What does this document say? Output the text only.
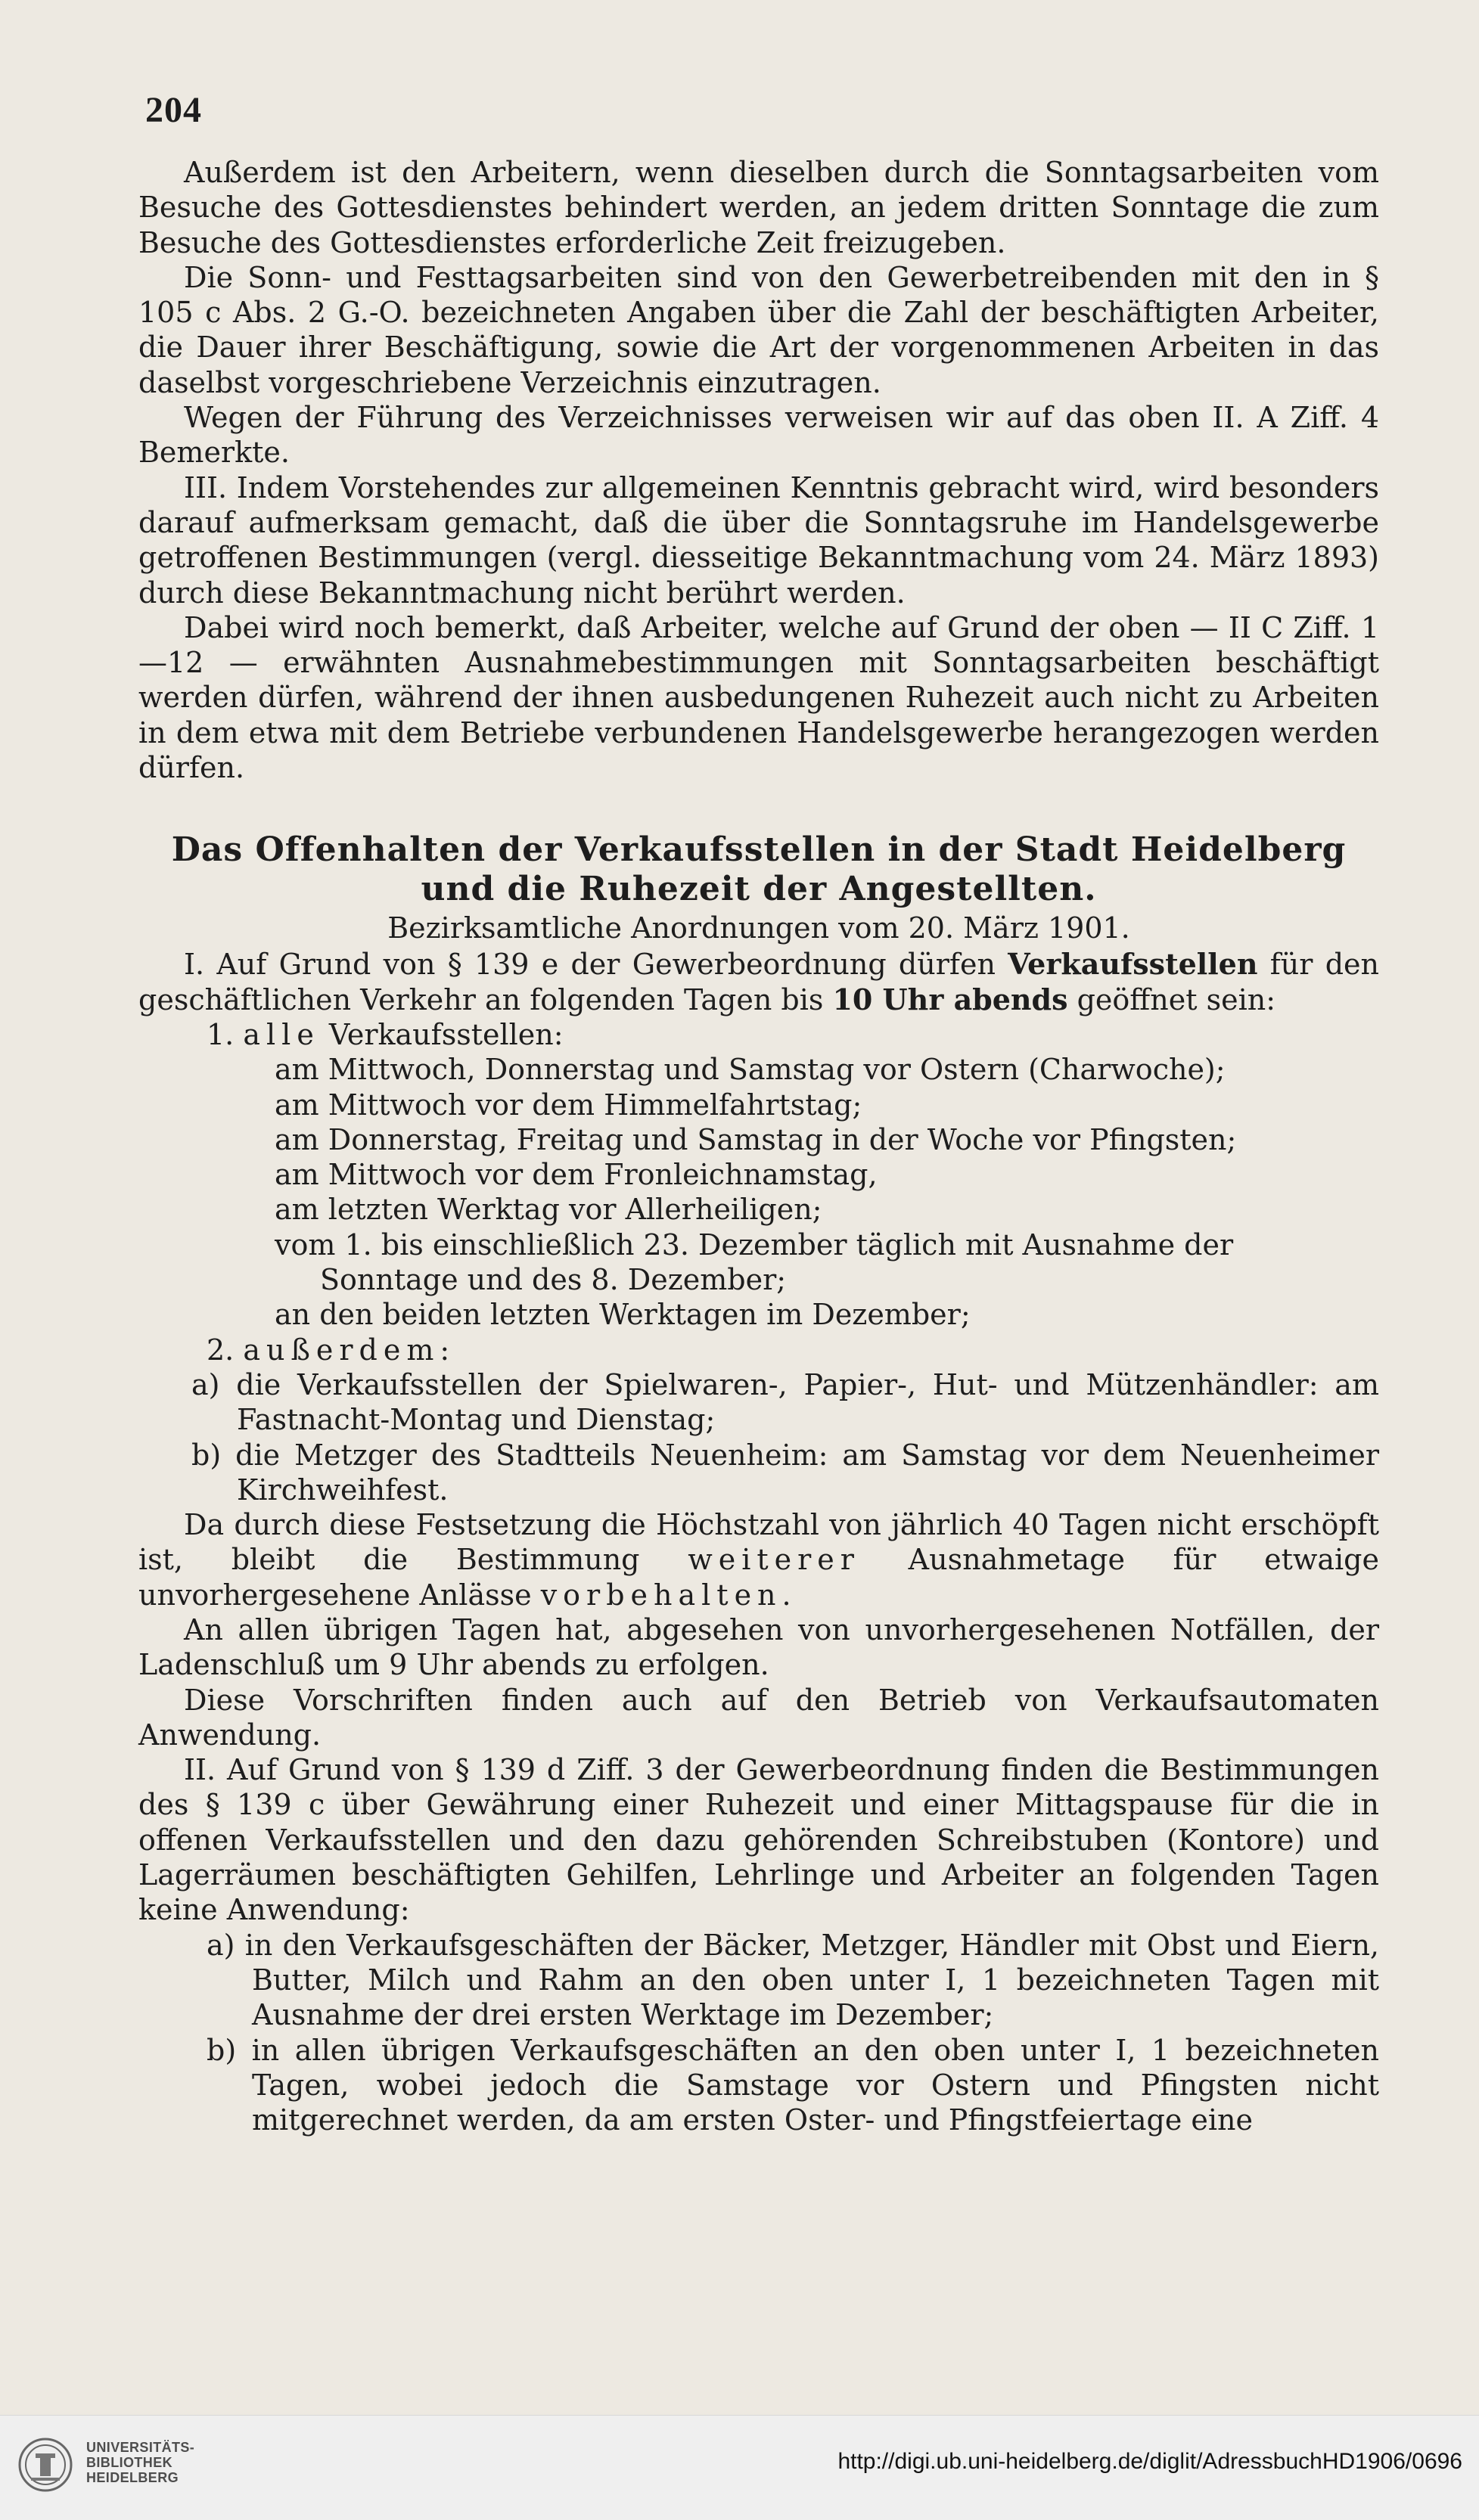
204

Außerdem ist den Arbeitern, wenn dieselben durch die Sonntagsarbeiten vom Besuche des Gottesdienstes behindert werden, an jedem dritten Sonntage die zum Besuche des Gottesdienstes erforderliche Zeit freizugeben.

Die Sonn- und Festtagsarbeiten sind von den Gewerbetreibenden mit den in § 105 c Abs. 2 G.-O. bezeichneten Angaben über die Zahl der beschäftigten Arbeiter, die Dauer ihrer Beschäftigung, sowie die Art der vorgenommenen Arbeiten in das daselbst vorgeschriebene Verzeichnis einzutragen.

Wegen der Führung des Verzeichnisses verweisen wir auf das oben II. A Ziff. 4 Bemerkte.

III. Indem Vorstehendes zur allgemeinen Kenntnis gebracht wird, wird besonders darauf aufmerksam gemacht, daß die über die Sonntagsruhe im Handelsgewerbe getroffenen Bestimmungen (vergl. diesseitige Bekanntmachung vom 24. März 1893) durch diese Bekanntmachung nicht berührt werden.

Dabei wird noch bemerkt, daß Arbeiter, welche auf Grund der oben — II C Ziff. 1—12 — erwähnten Ausnahmebestimmungen mit Sonntagsarbeiten beschäftigt werden dürfen, während der ihnen ausbedungenen Ruhezeit auch nicht zu Arbeiten in dem etwa mit dem Betriebe verbundenen Handelsgewerbe herangezogen werden dürfen.

Das Offenhalten der Verkaufsstellen in der Stadt Heidelberg

und die Ruhezeit der Angestellten.

Bezirksamtliche Anordnungen vom 20. März 1901.

I. Auf Grund von § 139 e der Gewerbeordnung dürfen Verkaufsstellen für den geschäftlichen Verkehr an folgenden Tagen bis 10 Uhr abends geöffnet sein:

1. alle Verkaufsstellen:

am Mittwoch, Donnerstag und Samstag vor Ostern (Charwoche);

am Mittwoch vor dem Himmelfahrtstag;

am Donnerstag, Freitag und Samstag in der Woche vor Pfingsten;

am Mittwoch vor dem Fronleichnamstag,

am letzten Werktag vor Allerheiligen;

vom 1. bis einschließlich 23. Dezember täglich mit Ausnahme der

Sonntage und des 8. Dezember;

an den beiden letzten Werktagen im Dezember;

2. außerdem:

a) die Verkaufsstellen der Spielwaren-, Papier-, Hut- und Mützenhändler: am Fastnacht-Montag und Dienstag;

b) die Metzger des Stadtteils Neuenheim: am Samstag vor dem Neuenheimer Kirchweihfest.

Da durch diese Festsetzung die Höchstzahl von jährlich 40 Tagen nicht erschöpft ist, bleibt die Bestimmung weiterer Ausnahmetage für etwaige unvorhergesehene Anlässe vorbehalten.

An allen übrigen Tagen hat, abgesehen von unvorhergesehenen Notfällen, der Ladenschluß um 9 Uhr abends zu erfolgen.

Diese Vorschriften finden auch auf den Betrieb von Verkaufsautomaten Anwendung.

II. Auf Grund von § 139 d Ziff. 3 der Gewerbeordnung finden die Bestimmungen des § 139 c über Gewährung einer Ruhezeit und einer Mittagspause für die in offenen Verkaufsstellen und den dazu gehörenden Schreibstuben (Kontore) und Lagerräumen beschäftigten Gehilfen, Lehrlinge und Arbeiter an folgenden Tagen keine Anwendung:

a) in den Verkaufsgeschäften der Bäcker, Metzger, Händler mit Obst und Eiern, Butter, Milch und Rahm an den oben unter I, 1 bezeichneten Tagen mit Ausnahme der drei ersten Werktage im Dezember;

b) in allen übrigen Verkaufsgeschäften an den oben unter I, 1 bezeichneten Tagen, wobei jedoch die Samstage vor Ostern und Pfingsten nicht mitgerechnet werden, da am ersten Oster- und Pfingstfeiertage eine

UNIVERSITÄTS-
BIBLIOTHEK
HEIDELBERG
http://digi.ub.uni-heidelberg.de/diglit/AdressbuchHD1906/0696
